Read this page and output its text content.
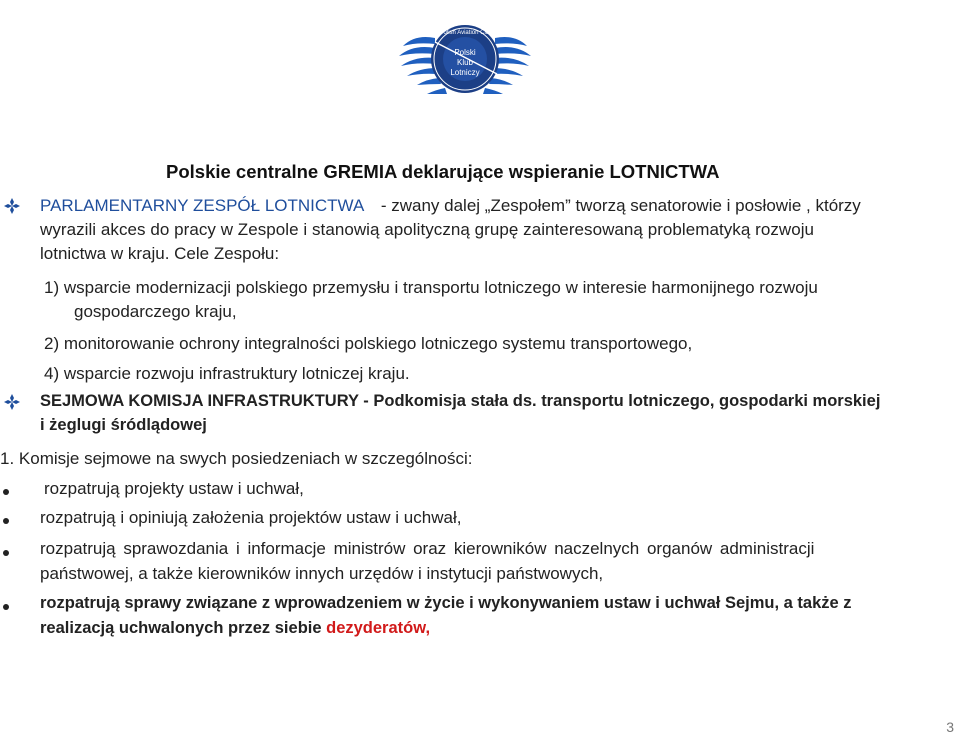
Polish Aviation Club
Polski
Klub
Lotniczy
Polskie centralne GREMIA deklarujące wspieranie LOTNICTWA
PARLAMENTARNY ZESPÓŁ LOTNICTWA - zwany dalej „Zespołem” tworzą senatorowie i posłowie , którzy
wyrazili akces do pracy w Zespole i stanowią apolityczną grupę zainteresowaną problematyką rozwoju
lotnictwa w kraju. Cele Zespołu:
1) wsparcie modernizacji polskiego przemysłu i transportu lotniczego w interesie harmonijnego rozwoju
gospodarczego kraju,
2) monitorowanie ochrony integralności polskiego lotniczego systemu transportowego,
4) wsparcie rozwoju infrastruktury lotniczej kraju.
SEJMOWA KOMISJA INFRASTRUKTURY - Podkomisja stała ds. transportu lotniczego, gospodarki morskiej
i żeglugi śródlądowej
1. Komisje sejmowe na swych posiedzeniach w szczególności:
rozpatrują projekty ustaw i uchwał,
rozpatrują i opiniują założenia projektów ustaw i uchwał,
rozpatrują sprawozdania i informacje ministrów oraz kierowników naczelnych organów administracji
państwowej, a także kierowników innych urzędów i instytucji państwowych,
rozpatrują sprawy związane z wprowadzeniem w życie i wykonywaniem ustaw i uchwał Sejmu, a także z
realizacją uchwalonych przez siebie dezyderatów,
3
